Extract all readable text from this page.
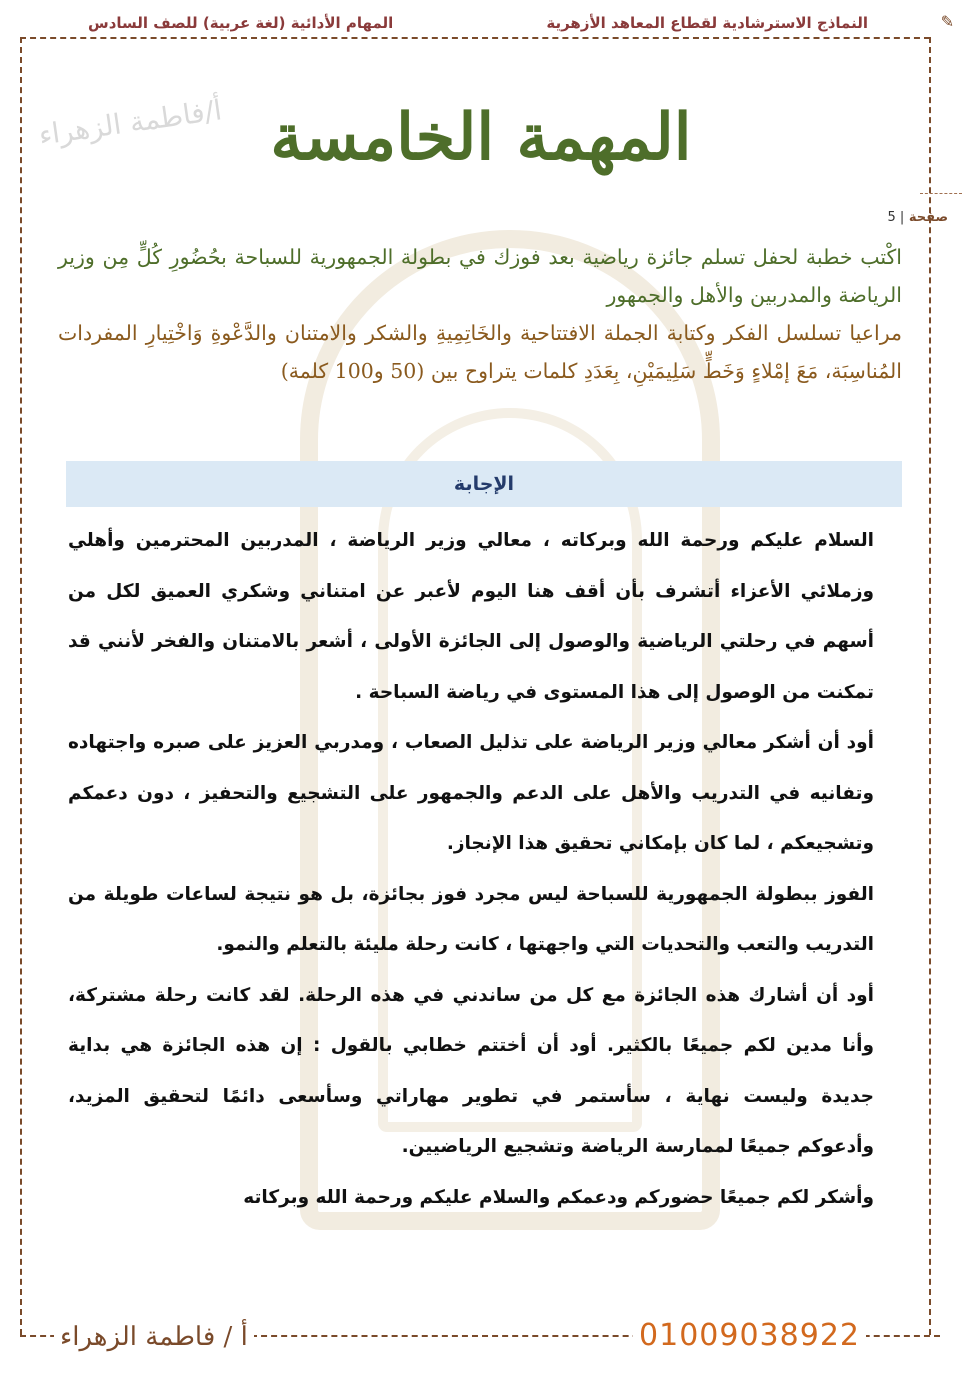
✎
النماذج الاسترشادية لقطاع المعاهد الأزهرية
المهام الأدائية (لغة عربية) للصف السادس
أ/فاطمة الزهراء المهمة الخامسة
صفحة | 5
اكْتب خطبة لحفل تسلم جائزة رياضية بعد فوزك في بطولة الجمهورية للسباحة بحُضُورِ كُلٍّ مِن وزير الرياضة والمدربين والأهل والجمهور
مراعيا تسلسل الفكر وكتابة الجملة الافتتاحية والخَاتِمِيةِ والشكر والامتنان والدَّعْوةِ وَاخْتِيارِ المفردات المُناسِبَة، مَعَ إمْلاءٍ وَخَطٍّ سَلِيمَيْنِ، بِعَدَدِ كلمات يتراوح بين (50 و100 كلمة)
الإجابة

السلام عليكم ورحمة الله وبركاته ، معالي وزير الرياضة ، المدربين المحترمين وأهلي وزملائي الأعزاء أتشرف بأن أقف هنا اليوم لأعبر عن امتناني وشكري العميق لكل من أسهم في رحلتي الرياضية والوصول إلى الجائزة الأولى ، أشعر بالامتنان والفخر لأنني قد تمكنت من الوصول إلى هذا المستوى في رياضة السباحة .

أود أن أشكر معالي وزير الرياضة على تذليل الصعاب ، ومدربي العزيز على صبره واجتهاده وتفانيه في التدريب والأهل على الدعم والجمهور على التشجيع والتحفيز ، دون دعمكم وتشجيعكم ، لما كان بإمكاني تحقيق هذا الإنجاز.

الفوز ببطولة الجمهورية للسباحة ليس مجرد فوز بجائزة، بل هو نتيجة لساعات طويلة من التدريب والتعب والتحديات التي واجهتها ، كانت رحلة مليئة بالتعلم والنمو.

أود أن أشارك هذه الجائزة مع كل من ساندني في هذه الرحلة. لقد كانت رحلة مشتركة، وأنا مدين لكم جميعًا بالكثير. أود أن أختتم خطابي بالقول : إن هذه الجائزة هي بداية جديدة وليست نهاية ، سأستمر في تطوير مهاراتي وسأسعى دائمًا لتحقيق المزيد، وأدعوكم جميعًا لممارسة الرياضة وتشجيع الرياضيين.

وأشكر لكم جميعًا حضوركم ودعمكم والسلام عليكم ورحمة الله وبركاته

01009038922
أ / فاطمة الزهراء
